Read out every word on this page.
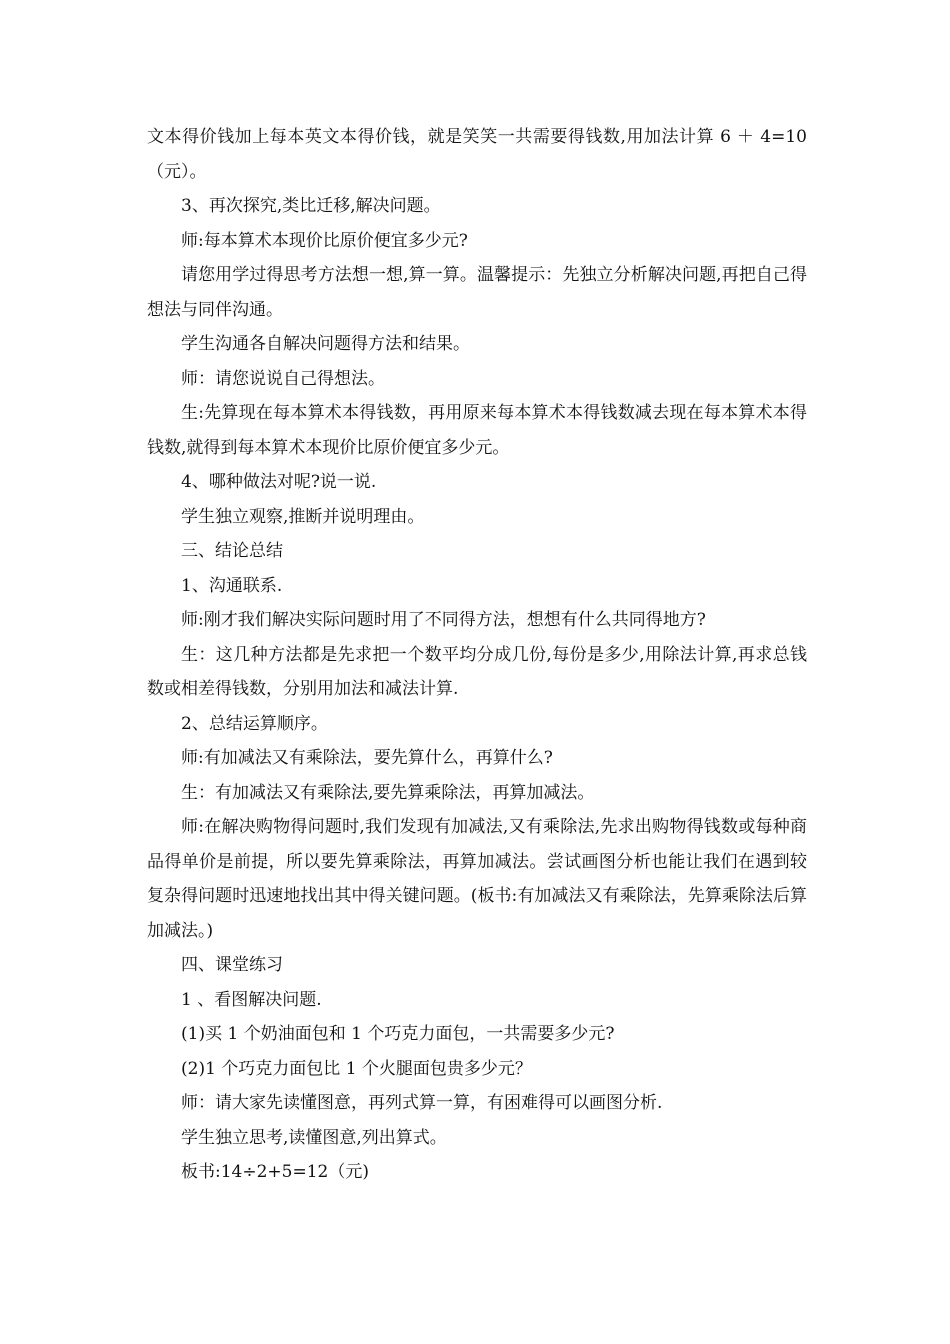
文本得价钱加上每本英文本得价钱，就是笑笑一共需要得钱数,用加法计算 6 ＋ 4=10（元）。

3、再次探究,类比迁移,解决问题。

师:每本算术本现价比原价便宜多少元?

请您用学过得思考方法想一想,算一算。温馨提示：先独立分析解决问题,再把自己得想法与同伴沟通。

学生沟通各自解决问题得方法和结果。

师：请您说说自己得想法。

生:先算现在每本算术本得钱数，再用原来每本算术本得钱数减去现在每本算术本得钱数,就得到每本算术本现价比原价便宜多少元。

4、哪种做法对呢?说一说.

学生独立观察,推断并说明理由。

三、结论总结

1、沟通联系.

师:刚才我们解决实际问题时用了不同得方法，想想有什么共同得地方?

生：这几种方法都是先求把一个数平均分成几份,每份是多少,用除法计算,再求总钱数或相差得钱数，分别用加法和减法计算.

2、总结运算顺序。

师:有加减法又有乘除法，要先算什么，再算什么?

生：有加减法又有乘除法,要先算乘除法，再算加减法。

师:在解决购物得问题时,我们发现有加减法,又有乘除法,先求出购物得钱数或每种商品得单价是前提，所以要先算乘除法，再算加减法。尝试画图分析也能让我们在遇到较复杂得问题时迅速地找出其中得关键问题。(板书:有加减法又有乘除法，先算乘除法后算加减法。)

四、课堂练习

1 、看图解决问题.

(1)买 1 个奶油面包和 1 个巧克力面包，一共需要多少元?

(2)1 个巧克力面包比 1 个火腿面包贵多少元？

师：请大家先读懂图意，再列式算一算，有困难得可以画图分析.

学生独立思考,读懂图意,列出算式。

板书:14÷2+5=12（元)
